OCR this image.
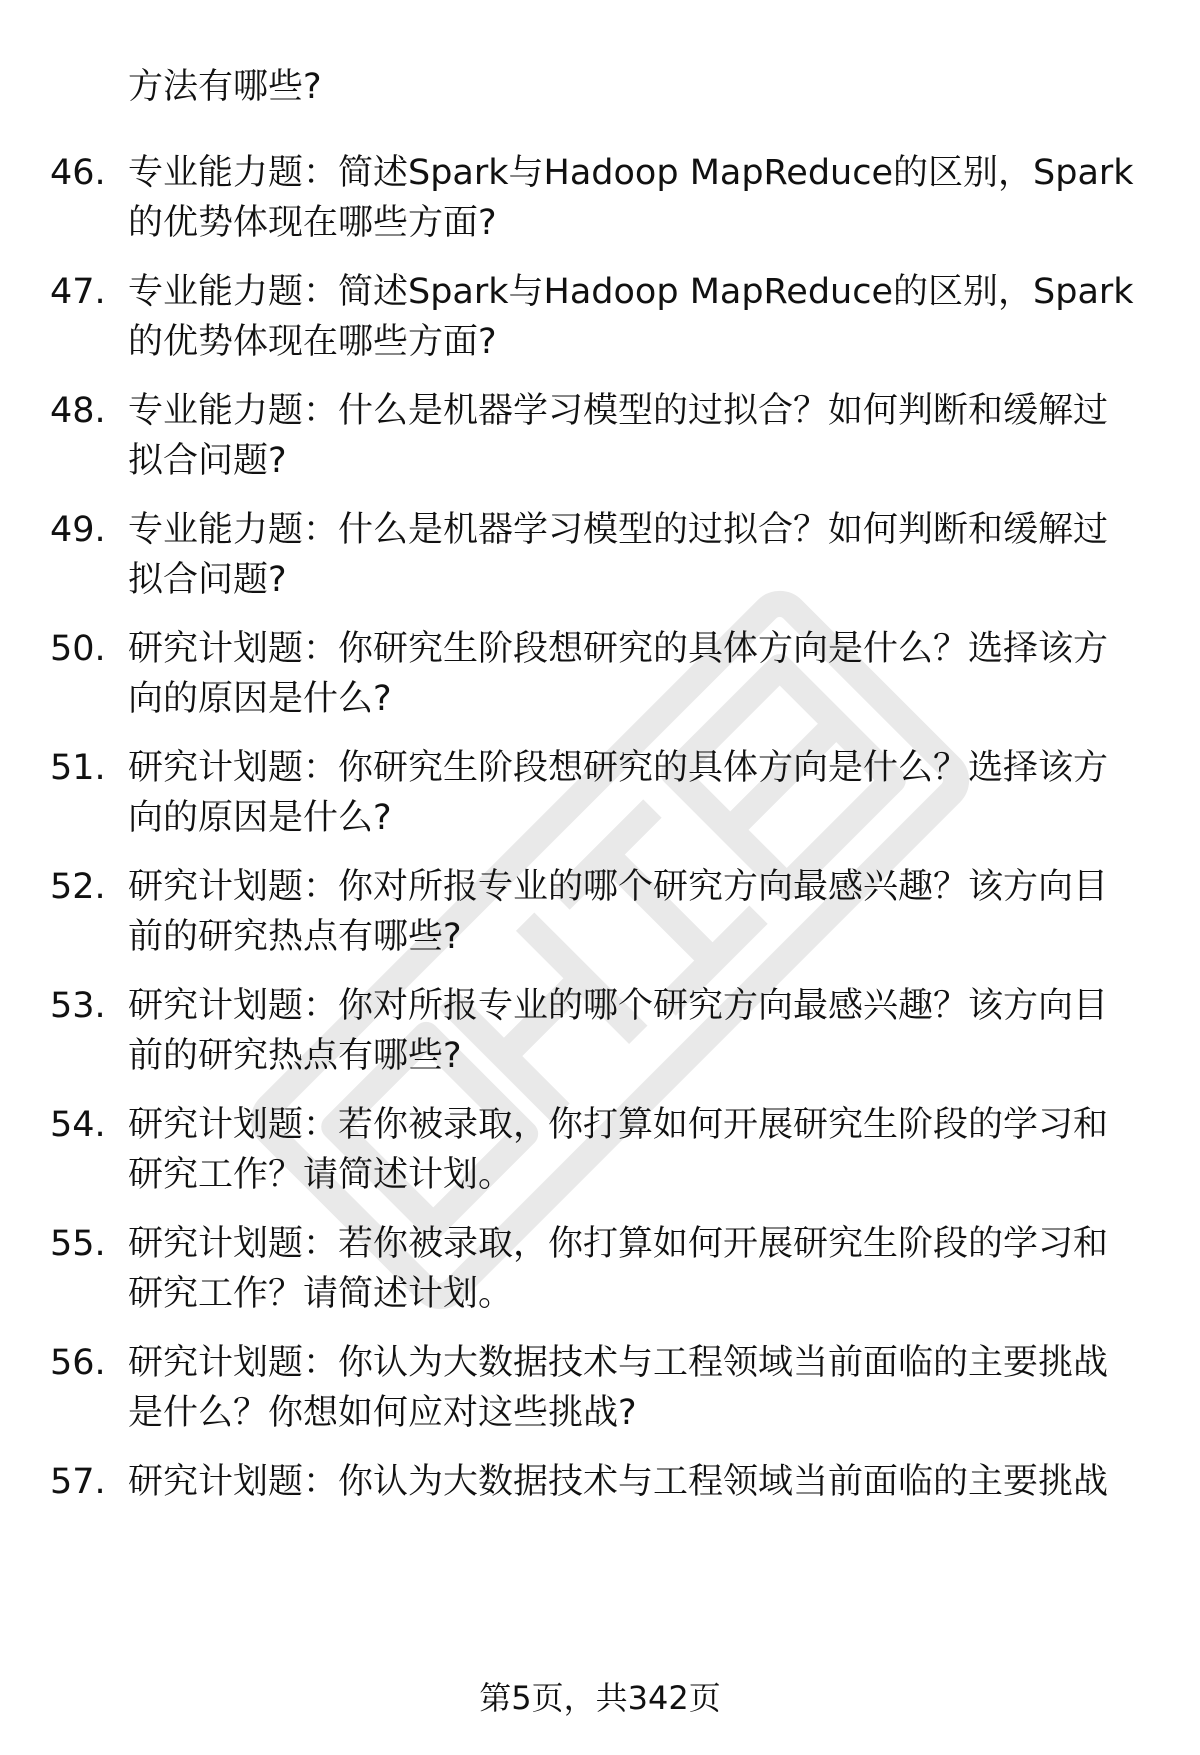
方法有哪些?
46. 专业能力题：简述Spark与Hadoop MapReduce的区别，Spark
的优势体现在哪些方面?
47. 专业能力题：简述Spark与Hadoop MapReduce的区别，Spark
的优势体现在哪些方面?
48. 专业能力题：什么是机器学习模型的过拟合？如何判断和缓解过
拟合问题?
49. 专业能力题：什么是机器学习模型的过拟合？如何判断和缓解过
拟合问题?
50. 研究计划题：你研究生阶段想研究的具体方向是什么？选择该方
向的原因是什么?
51. 研究计划题：你研究生阶段想研究的具体方向是什么？选择该方
向的原因是什么?
52. 研究计划题：你对所报专业的哪个研究方向最感兴趣？该方向目
前的研究热点有哪些?
53. 研究计划题：你对所报专业的哪个研究方向最感兴趣？该方向目
前的研究热点有哪些?
54. 研究计划题：若你被录取，你打算如何开展研究生阶段的学习和
研究工作？请简述计划。
55. 研究计划题：若你被录取，你打算如何开展研究生阶段的学习和
研究工作？请简述计划。
56. 研究计划题：你认为大数据技术与工程领域当前面临的主要挑战
是什么？你想如何应对这些挑战?
57. 研究计划题：你认为大数据技术与工程领域当前面临的主要挑战
第5页，共342页
